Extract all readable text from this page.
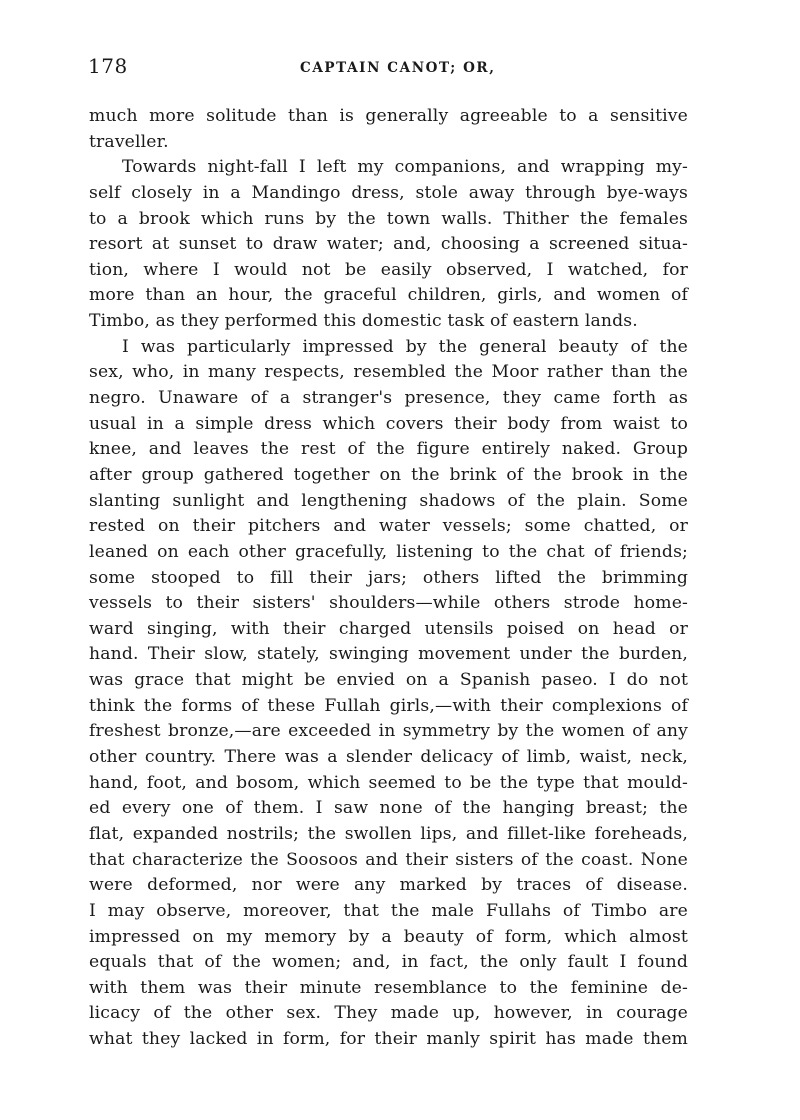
178	CAPTAIN CANOT; OR,
much more solitude than is generally agreeable to a sensitive
traveller.
Towards night-fall I left my companions, and wrapping my-
self closely in a Mandingo dress, stole away through bye-ways
to a brook which runs by the town walls. Thither the females
resort at sunset to draw water; and, choosing a screened situa-
tion, where I would not be easily observed, I watched, for
more than an hour, the graceful children, girls, and women of
Timbo, as they performed this domestic task of eastern lands.
I was particularly impressed by the general beauty of the
sex, who, in many respects, resembled the Moor rather than the
negro. Unaware of a stranger's presence, they came forth as
usual in a simple dress which covers their body from waist to
knee, and leaves the rest of the figure entirely naked. Group
after group gathered together on the brink of the brook in the
slanting sunlight and lengthening shadows of the plain. Some
rested on their pitchers and water vessels; some chatted, or
leaned on each other gracefully, listening to the chat of friends;
some stooped to fill their jars; others lifted the brimming
vessels to their sisters' shoulders—while others strode home-
ward singing, with their charged utensils poised on head or
hand. Their slow, stately, swinging movement under the burden,
was grace that might be envied on a Spanish paseo. I do not
think the forms of these Fullah girls,—with their complexions of
freshest bronze,—are exceeded in symmetry by the women of any
other country. There was a slender delicacy of limb, waist, neck,
hand, foot, and bosom, which seemed to be the type that mould-
ed every one of them. I saw none of the hanging breast; the
flat, expanded nostrils; the swollen lips, and fillet-like foreheads,
that characterize the Soosoos and their sisters of the coast. None
were deformed, nor were any marked by traces of disease.
I may observe, moreover, that the male Fullahs of Timbo are
impressed on my memory by a beauty of form, which almost
equals that of the women; and, in fact, the only fault I found
with them was their minute resemblance to the feminine de-
licacy of the other sex. They made up, however, in courage
what they lacked in form, for their manly spirit has made them
